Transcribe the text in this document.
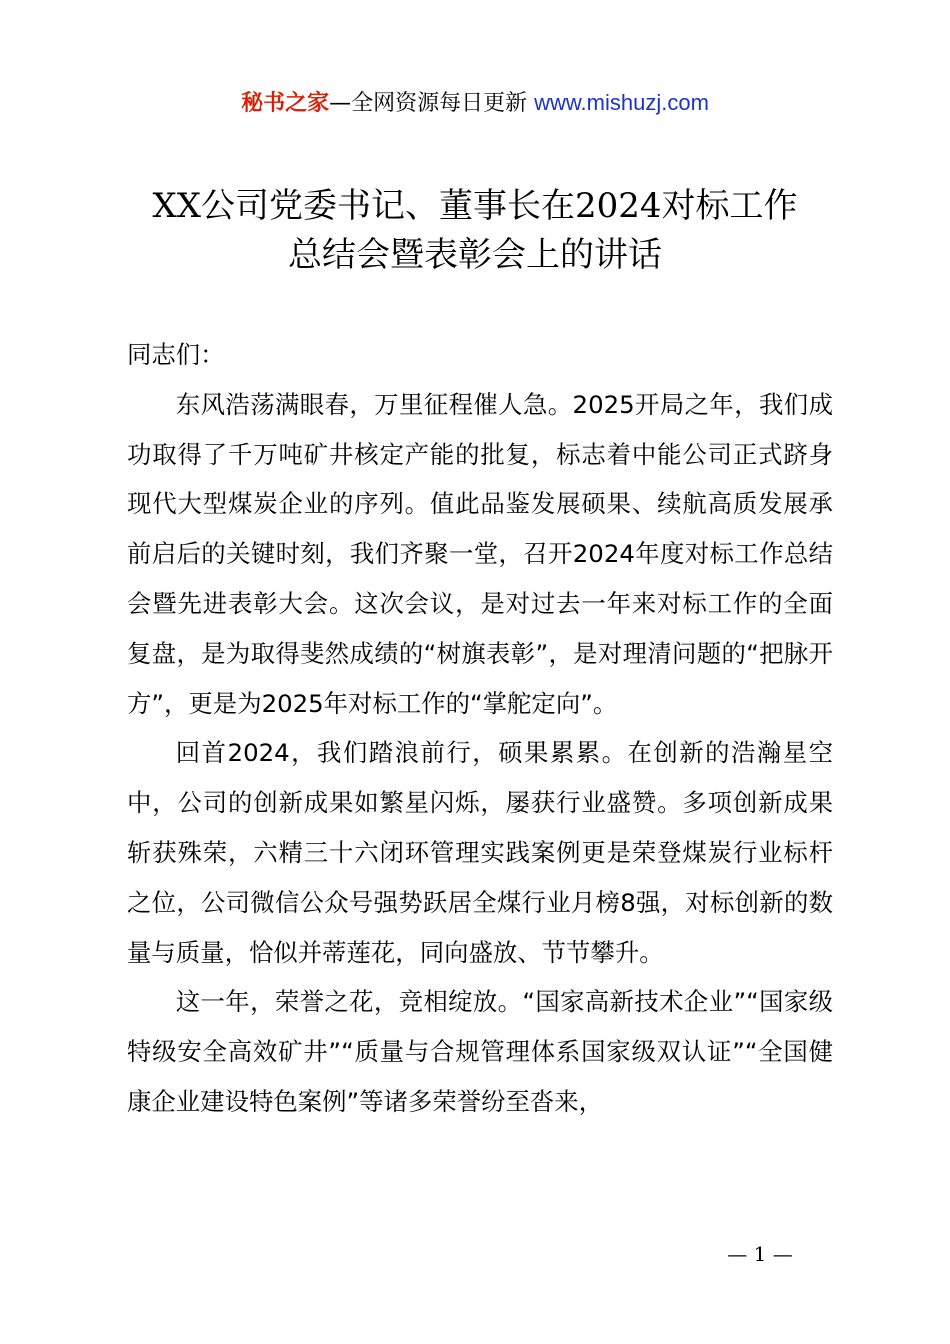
秘书之家—全网资源每日更新 www.mishuzj.com
XX公司党委书记、董事长在2024对标工作
总结会暨表彰会上的讲话

同志们：

东风浩荡满眼春，万里征程催人急。2025开局之年，我们成功取得了千万吨矿井核定产能的批复，标志着中能公司正式跻身现代大型煤炭企业的序列。值此品鉴发展硕果、续航高质发展承前启后的关键时刻，我们齐聚一堂，召开2024年度对标工作总结会暨先进表彰大会。这次会议，是对过去一年来对标工作的全面复盘，是为取得斐然成绩的“树旗表彰”，是对理清问题的“把脉开方”，更是为2025年对标工作的“掌舵定向”。

回首2024，我们踏浪前行，硕果累累。在创新的浩瀚星空中，公司的创新成果如繁星闪烁，屡获行业盛赞。多项创新成果斩获殊荣，六精三十六闭环管理实践案例更是荣登煤炭行业标杆之位，公司微信公众号强势跃居全煤行业月榜8强，对标创新的数量与质量，恰似并蒂莲花，同向盛放、节节攀升。

这一年，荣誉之花，竞相绽放。“国家高新技术企业”“国家级特级安全高效矿井”“质量与合规管理体系国家级双认证”“全国健康企业建设特色案例”等诸多荣誉纷至沓来，

— 1 —
